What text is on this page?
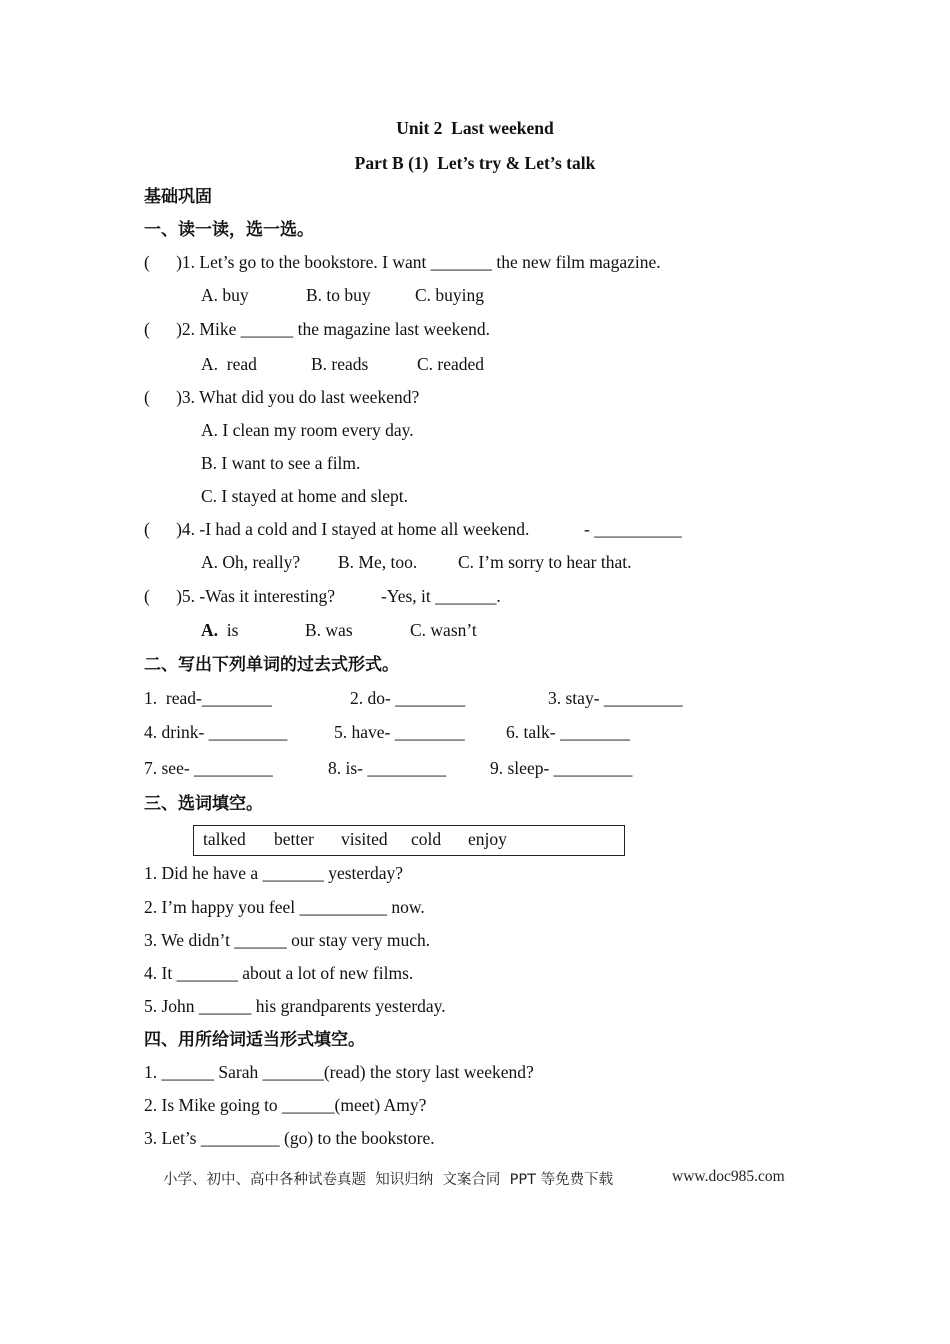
Unit 2  Last weekend
Part B (1)  Let’s try & Let’s talk
基础巩固
一、读一读，选一选。
(      )1. Let’s go to the bookstore. I want _______ the new film magazine.
A. buy	B. to buy	C. buying
(      )2. Mike ______ the magazine last weekend.
A.  read	B. reads	C. readed
(      )3. What did you do last weekend?
A. I clean my room every day.
B. I want to see a film.
C. I stayed at home and slept.
(      )4. -I had a cold and I stayed at home all weekend.	- __________
A. Oh, really? B. Me, too. C. I’m sorry to hear that.
(      )5. -Was it interesting?	-Yes, it _______.
A. is	B. was	C. wasn’t
二、写出下列单词的过去式形式。
1.  read-________	2. do- ________	3. stay- _________
4. drink- _________	5. have- ________ 6. talk- ________
7. see- _________	8. is- _________	9. sleep- _________
三、选词填空。
talked better visited cold enjoy
1. Did he have a _______ yesterday?
2. I’m happy you feel __________ now.
3. We didn’t ______ our stay very much.
4. It _______ about a lot of new films.
5. John ______ his grandparents yesterday.
四、用所给词适当形式填空。
1. ______ Sarah _______(read) the story last weekend?
2. Is Mike going to ______(meet) Amy?
3. Let’s _________ (go) to the bookstore.
小学、初中、高中各种试卷真题  知识归纳  文案合同  PPT 等免费下载	www.doc985.com
